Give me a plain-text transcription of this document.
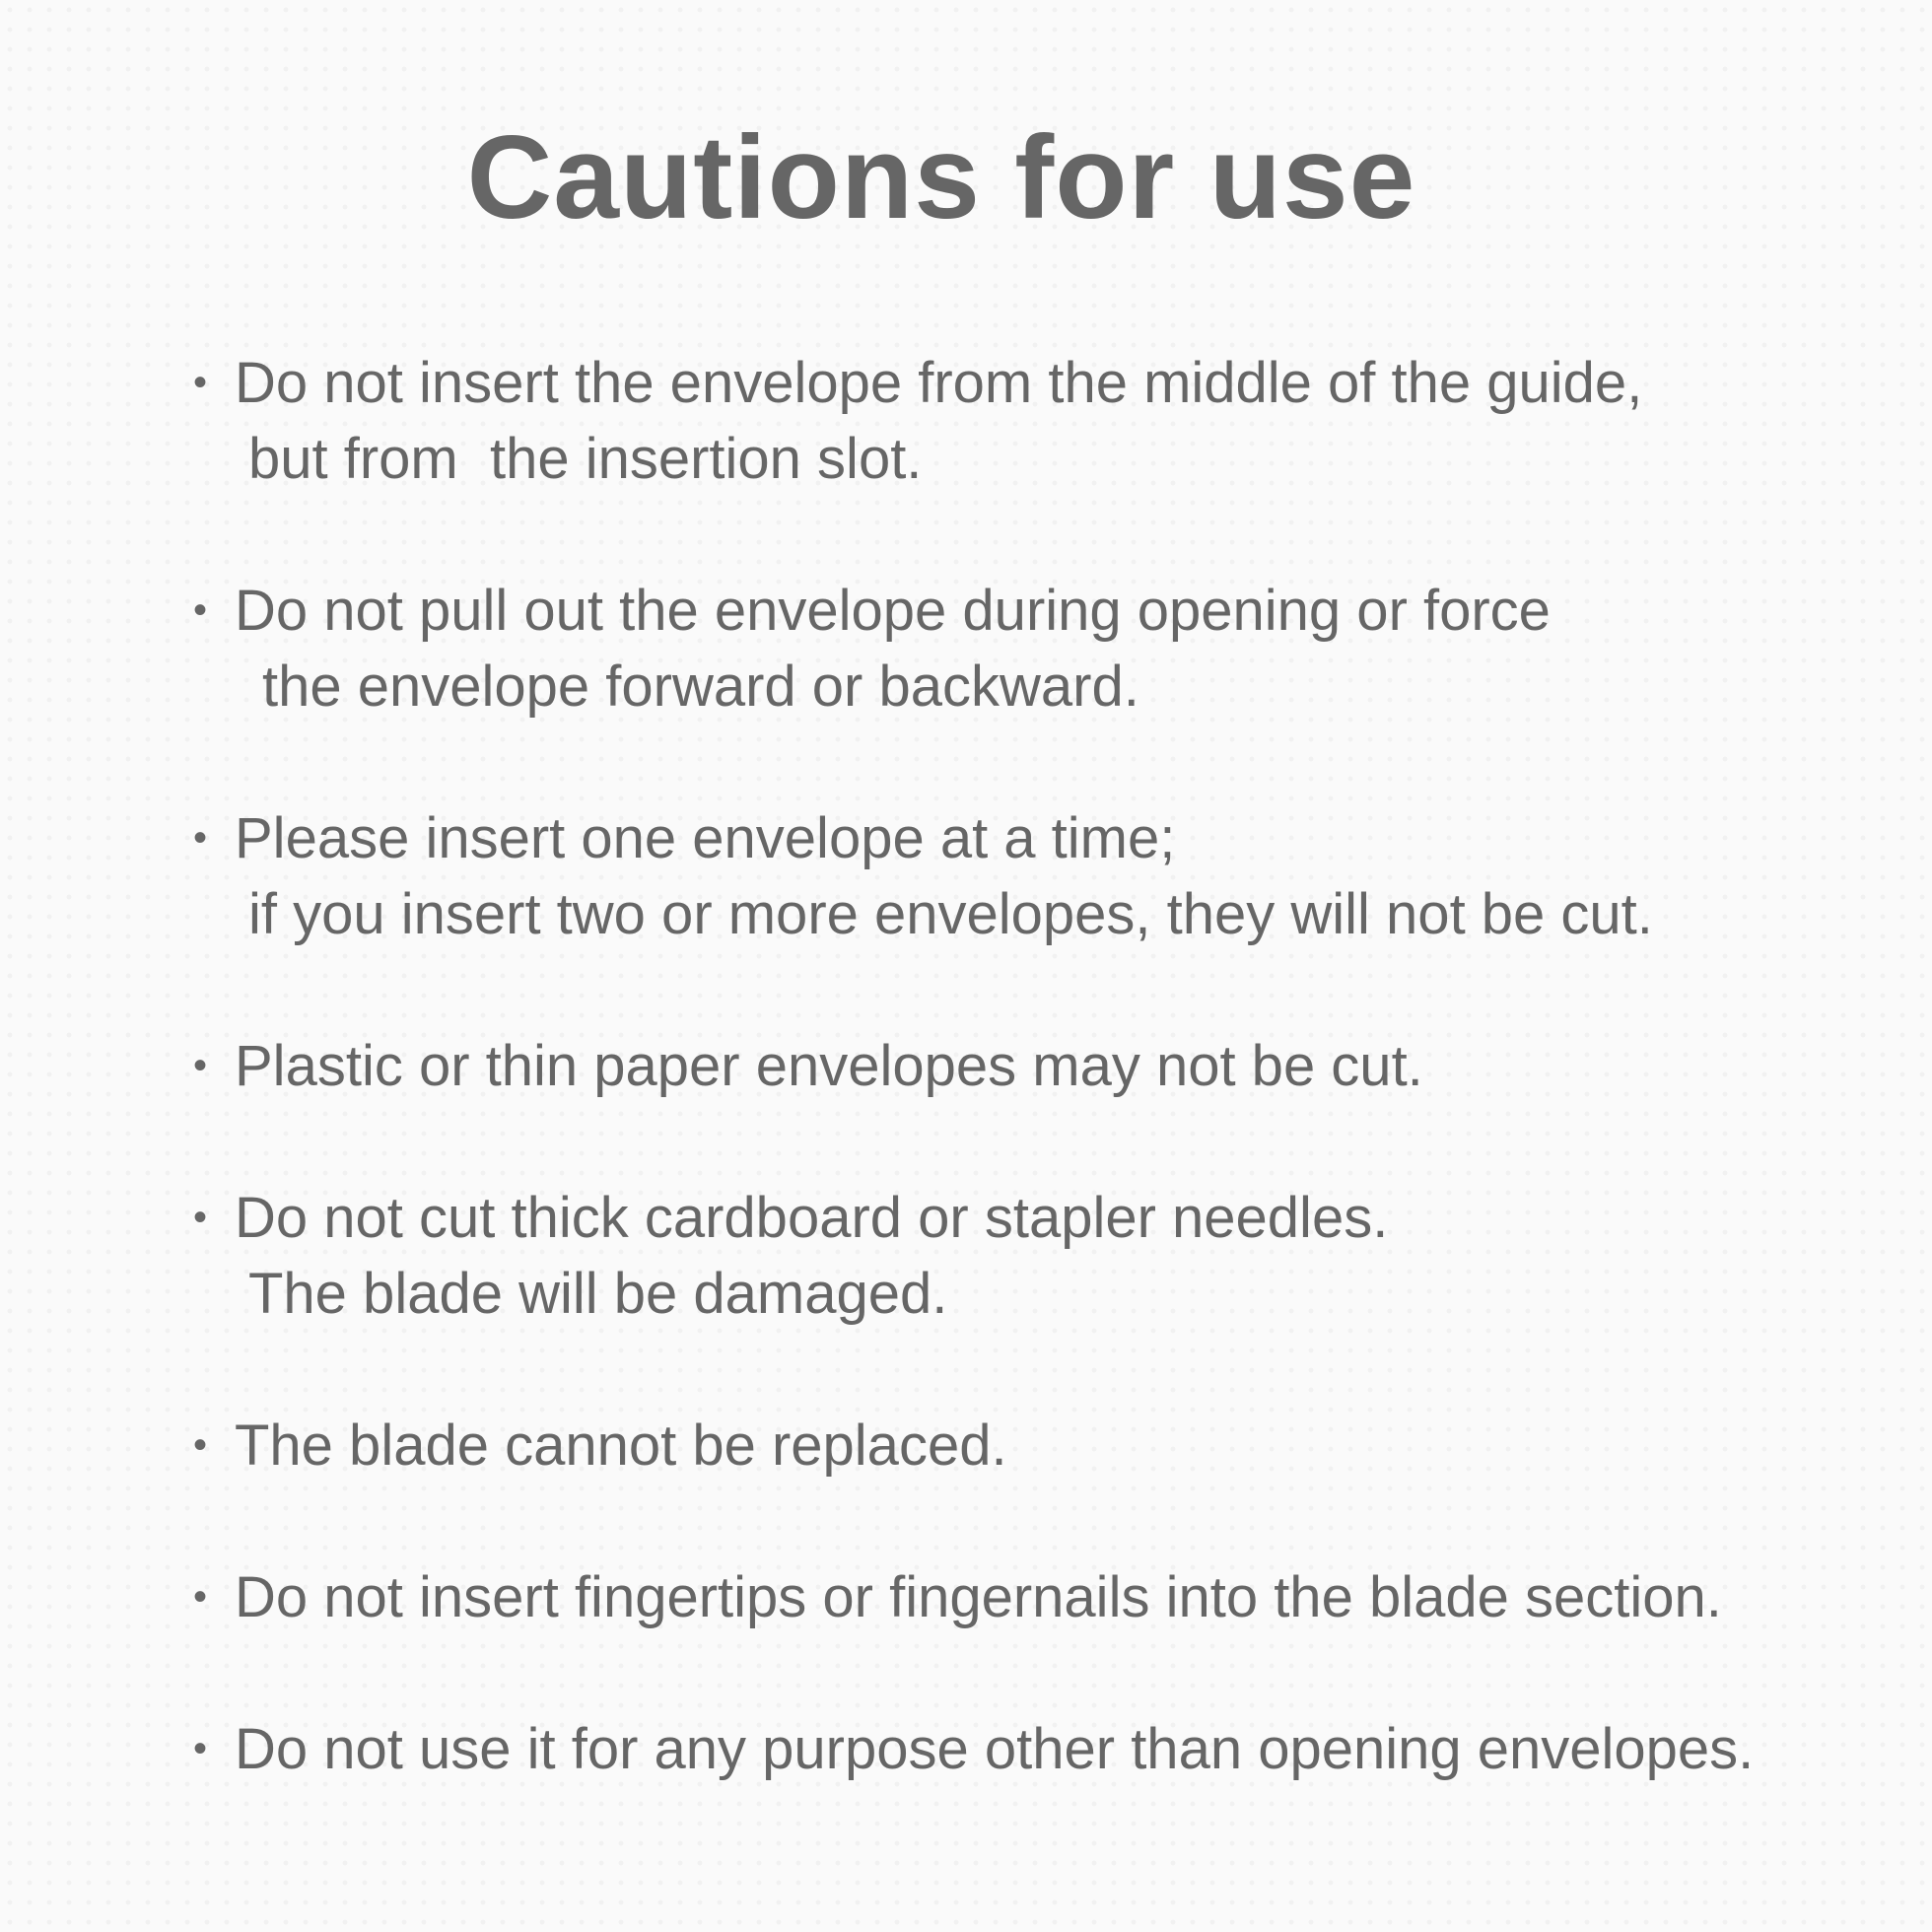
Cautions for use
• Do not insert the envelope from the middle of the guide,
but from  the insertion slot.
• Do not pull out the envelope during opening or force
the envelope forward or backward.
• Please insert one envelope at a time;
if you insert two or more envelopes, they will not be cut.
• Plastic or thin paper envelopes may not be cut.
• Do not cut thick cardboard or stapler needles.
The blade will be damaged.
• The blade cannot be replaced.
• Do not insert fingertips or fingernails into the blade section.
• Do not use it for any purpose other than opening envelopes.
